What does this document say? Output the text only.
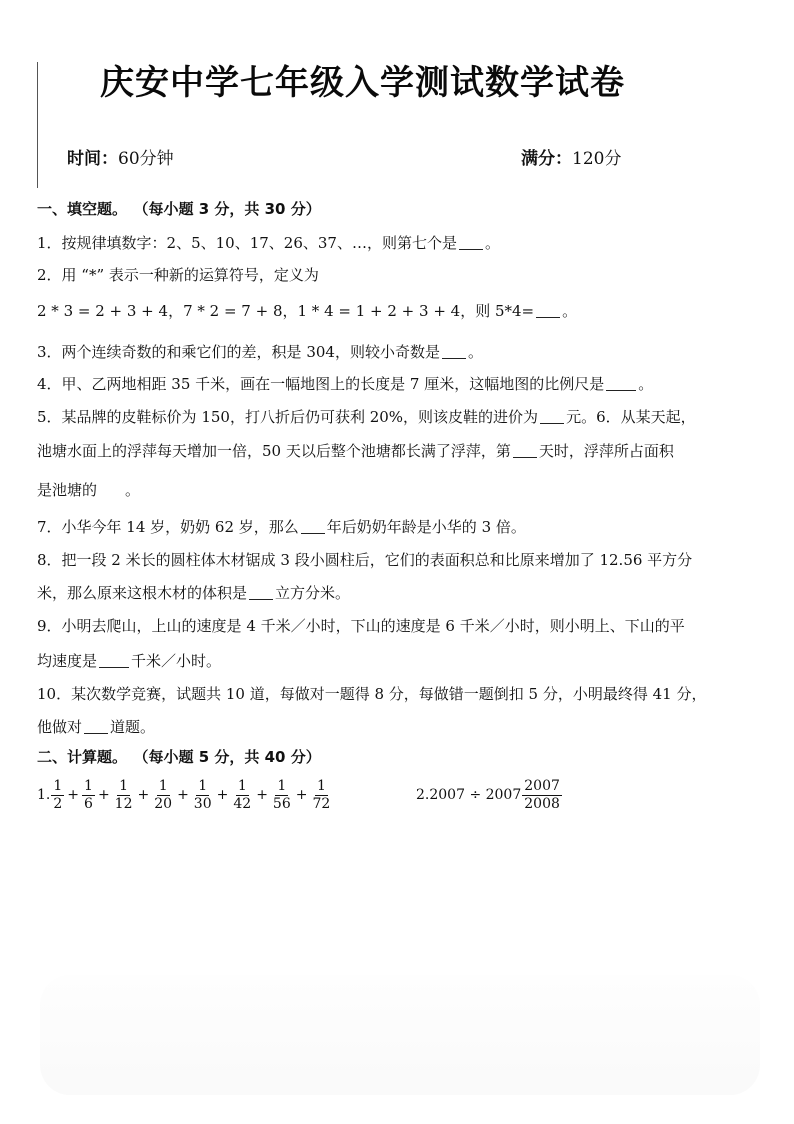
庆安中学七年级入学测试数学试卷
时间：60分钟	满分：120分
一、填空题。 （每小题 3 分，共 30 分）
1．按规律填数字：2、5、10、17、26、37、…，则第七个是 。
2．用 “*” 表示一种新的运算符号，定义为
2 * 3 = 2 + 3 + 4，7 * 2 = 7 + 8，1 * 4 = 1 + 2 + 3 + 4，则 5*4= 。
3．两个连续奇数的和乘它们的差，积是 304，则较小奇数是 。
4．甲、乙两地相距 35 千米，画在一幅地图上的长度是 7 厘米，这幅地图的比例尺是 。
5．某品牌的皮鞋标价为 150，打八折后仍可获利 20%，则该皮鞋的进价为 元。6．从某天起，
池塘水面上的浮萍每天增加一倍，50 天以后整个池塘都长满了浮萍，第 天时，浮萍所占面积
是池塘的 。
7．小华今年 14 岁，奶奶 62 岁，那么 年后奶奶年龄是小华的 3 倍。
8．把一段 2 米长的圆柱体木材锯成 3 段小圆柱后，它们的表面积总和比原来增加了 12.56 平方分
米，那么原来这根木材的体积是 立方分米。
9．小明去爬山，上山的速度是 4 千米／小时，下山的速度是 6 千米／小时，则小明上、下山的平
均速度是 千米／小时。
10．某次数学竞赛，试题共 10 道，每做对一题得 8 分，每做错一题倒扣 5 分，小明最终得 41 分，
他做对 道题。
二、计算题。 （每小题 5 分，共 40 分）
1. $\frac{1}{2} + \frac{1}{6} + \frac{1}{12} + \frac{1}{20} + \frac{1}{30} + \frac{1}{42} + \frac{1}{56} + \frac{1}{72}$	2. $2007 \div 2007 \frac{2007}{2008}$
